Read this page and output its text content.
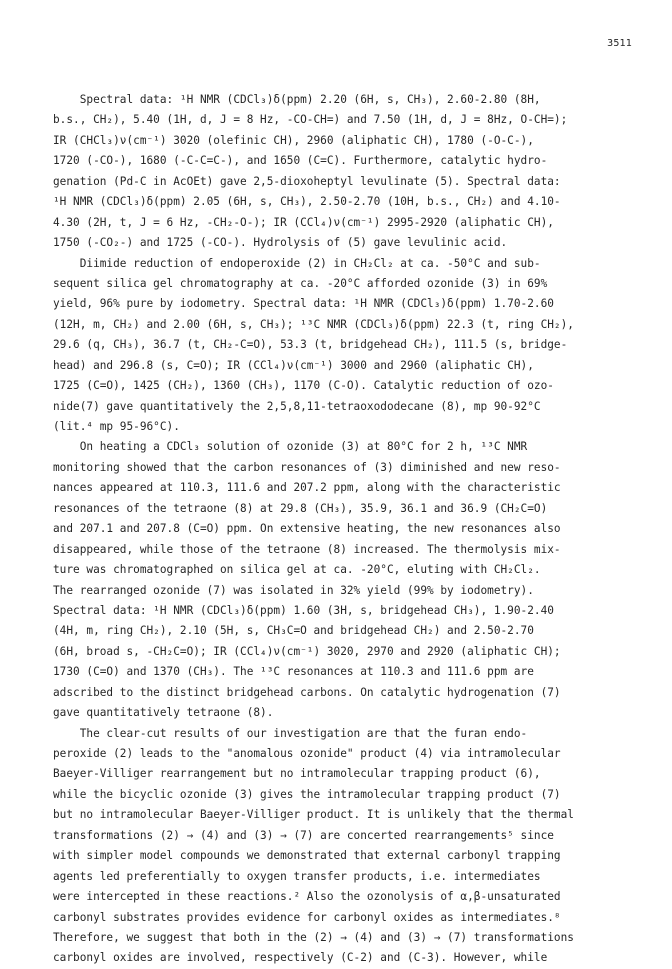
3511
Spectral data: ¹H NMR (CDCl₃)δ(ppm) 2.20 (6H, s, CH₃), 2.60-2.80 (8H,
b.s., CH₂), 5.40 (1H, d, J = 8 Hz, -CO-CH=) and 7.50 (1H, d, J = 8Hz, O-CH=);
IR (CHCl₃)ν(cm⁻¹) 3020 (olefinic CH), 2960 (aliphatic CH), 1780 (-O-C-),
1720 (-CO-), 1680 (-C-C=C-), and 1650 (C=C). Furthermore, catalytic hydro-
genation (Pd-C in AcOEt) gave 2,5-dioxoheptyl levulinate (5). Spectral data:
¹H NMR (CDCl₃)δ(ppm) 2.05 (6H, s, CH₃), 2.50-2.70 (10H, b.s., CH₂) and 4.10-
4.30 (2H, t, J = 6 Hz, -CH₂-O-); IR (CCl₄)ν(cm⁻¹) 2995-2920 (aliphatic CH),
1750 (-CO₂-) and 1725 (-CO-). Hydrolysis of (5) gave levulinic acid.
Diimide reduction of endoperoxide (2) in CH₂Cl₂ at ca. -50°C and sub-
sequent silica gel chromatography at ca. -20°C afforded ozonide (3) in 69%
yield, 96% pure by iodometry. Spectral data: ¹H NMR (CDCl₃)δ(ppm) 1.70-2.60
(12H, m, CH₂) and 2.00 (6H, s, CH₃); ¹³C NMR (CDCl₃)δ(ppm) 22.3 (t, ring CH₂),
29.6 (q, CH₃), 36.7 (t, CH₂-C=O), 53.3 (t, bridgehead CH₂), 111.5 (s, bridge-
head) and 296.8 (s, C=O); IR (CCl₄)ν(cm⁻¹) 3000 and 2960 (aliphatic CH),
1725 (C=O), 1425 (CH₂), 1360 (CH₃), 1170 (C-O). Catalytic reduction of ozo-
nide(7) gave quantitatively the 2,5,8,11-tetraoxododecane (8), mp 90-92°C
(lit.⁴ mp 95-96°C).
On heating a CDCl₃ solution of ozonide (3) at 80°C for 2 h, ¹³C NMR
monitoring showed that the carbon resonances of (3) diminished and new reso-
nances appeared at 110.3, 111.6 and 207.2 ppm, along with the characteristic
resonances of the tetraone (8) at 29.8 (CH₃), 35.9, 36.1 and 36.9 (CH₂C=O)
and 207.1 and 207.8 (C=O) ppm. On extensive heating, the new resonances also
disappeared, while those of the tetraone (8) increased. The thermolysis mix-
ture was chromatographed on silica gel at ca. -20°C, eluting with CH₂Cl₂.
The rearranged ozonide (7) was isolated in 32% yield (99% by iodometry).
Spectral data: ¹H NMR (CDCl₃)δ(ppm) 1.60 (3H, s, bridgehead CH₃), 1.90-2.40
(4H, m, ring CH₂), 2.10 (5H, s, CH₃C=O and bridgehead CH₂) and 2.50-2.70
(6H, broad s, -CH₂C=O); IR (CCl₄)ν(cm⁻¹) 3020, 2970 and 2920 (aliphatic CH);
1730 (C=O) and 1370 (CH₃). The ¹³C resonances at 110.3 and 111.6 ppm are
adscribed to the distinct bridgehead carbons. On catalytic hydrogenation (7)
gave quantitatively tetraone (8).
The clear-cut results of our investigation are that the furan endo-
peroxide (2) leads to the "anomalous ozonide" product (4) via intramolecular
Baeyer-Villiger rearrangement but no intramolecular trapping product (6),
while the bicyclic ozonide (3) gives the intramolecular trapping product (7)
but no intramolecular Baeyer-Villiger product. It is unlikely that the thermal
transformations (2) → (4) and (3) → (7) are concerted rearrangements⁵ since
with simpler model compounds we demonstrated that external carbonyl trapping
agents led preferentially to oxygen transfer products, i.e. intermediates
were intercepted in these reactions.² Also the ozonolysis of α,β-unsaturated
carbonyl substrates provides evidence for carbonyl oxides as intermediates.⁸
Therefore, we suggest that both in the (2) → (4) and (3) → (7) transformations
carbonyl oxides are involved, respectively (C-2) and (C-3). However, while
